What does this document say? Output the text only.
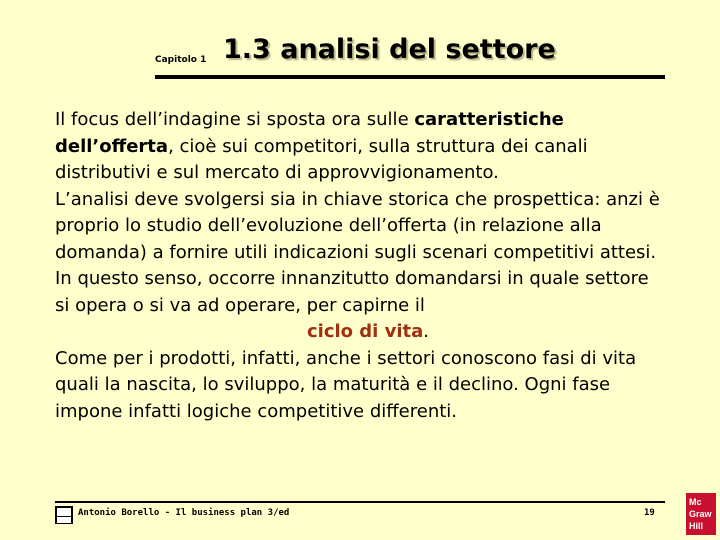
Capitolo 1 1.3 analisi del settore

Il focus dell’indagine si sposta ora sulle caratteristiche dell’offerta, cioè sui competitori, sulla struttura dei canali distributivi e sul mercato di approvvigionamento.

L’analisi deve svolgersi sia in chiave storica che prospettica: anzi è proprio lo studio dell’evoluzione dell’offerta (in relazione alla domanda) a fornire utili indicazioni sugli scenari competitivi attesi.

In questo senso, occorre innanzitutto domandarsi in quale settore si opera o si va ad operare, per capirne il

ciclo di vita.

Come per i prodotti, infatti, anche i settori conoscono fasi di vita quali la nascita, lo sviluppo, la maturità e il declino. Ogni fase impone infatti logiche competitive differenti.

Antonio Borello - Il business plan 3/ed	19
Mc
Graw
Hill
